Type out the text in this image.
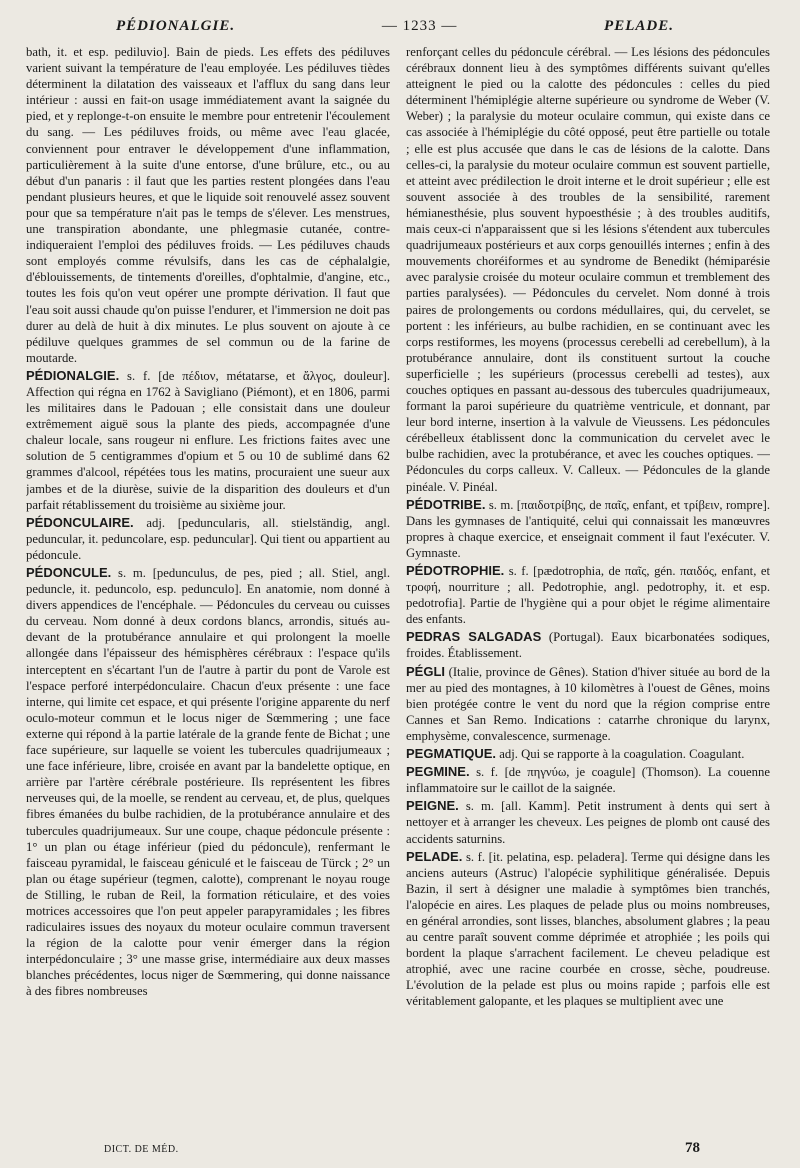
PÉDIONALGIE.	— 1233 —	PELADE.

bath, it. et esp. pediluvio]. Bain de pieds. Les effets des pédiluves varient suivant la température de l'eau employée. Les pédiluves tièdes déterminent la dilatation des vaisseaux et l'afflux du sang dans leur intérieur : aussi en fait-on usage immédiatement avant la saignée du pied, et y replonge-t-on ensuite le membre pour entretenir l'écoulement du sang. — Les pédiluves froids, ou même avec l'eau glacée, conviennent pour entraver le développement d'une inflammation, particulièrement à la suite d'une entorse, d'une brûlure, etc., ou au début d'un panaris : il faut que les parties restent plongées dans l'eau pendant plusieurs heures, et que le liquide soit renouvelé assez souvent pour que sa température n'ait pas le temps de s'élever. Les menstrues, une transpiration abondante, une phlegmasie cutanée, contre-indiqueraient l'emploi des pédiluves froids. — Les pédiluves chauds sont employés comme révulsifs, dans les cas de céphalalgie, d'éblouissements, de tintements d'oreilles, d'ophtalmie, d'angine, etc., toutes les fois qu'on veut opérer une prompte dérivation. Il faut que l'eau soit aussi chaude qu'on puisse l'endurer, et l'immersion ne doit pas durer au delà de huit à dix minutes. Le plus souvent on ajoute à ce pédiluve quelques grammes de sel commun ou de la farine de moutarde.

PÉDIONALGIE. s. f. [de πέδιον, métatarse, et ἄλγος, douleur]. Affection qui régna en 1762 à Savigliano (Piémont), et en 1806, parmi les militaires dans le Padouan ; elle consistait dans une douleur extrêmement aiguë sous la plante des pieds, accompagnée d'une chaleur locale, sans rougeur ni enflure. Les frictions faites avec une solution de 5 centigrammes d'opium et 5 ou 10 de sublimé dans 62 grammes d'alcool, répétées tous les matins, procuraient une sueur aux jambes et de la diurèse, suivie de la disparition des douleurs et d'un parfait rétablissement du troisième au sixième jour.

PÉDONCULAIRE. adj. [peduncularis, all. stielständig, angl. peduncular, it. peduncolare, esp. peduncular]. Qui tient ou appartient au pédoncule.

PÉDONCULE. s. m. [pedunculus, de pes, pied ; all. Stiel, angl. peduncle, it. peduncolo, esp. pedunculo]. En anatomie, nom donné à divers appendices de l'encéphale. — Pédoncules du cerveau ou cuisses du cerveau. Nom donné à deux cordons blancs, arrondis, situés au-devant de la protubérance annulaire et qui prolongent la moelle allongée dans l'épaisseur des hémisphères cérébraux : l'espace qu'ils interceptent en s'écartant l'un de l'autre à partir du pont de Varole est l'espace perforé interpédonculaire. Chacun d'eux présente : une face interne, qui limite cet espace, et qui présente l'origine apparente du nerf oculo-moteur commun et le locus niger de Sœmmering ; une face externe qui répond à la partie latérale de la grande fente de Bichat ; une face supérieure, sur laquelle se voient les tubercules quadrijumeaux ; une face inférieure, libre, croisée en avant par la bandelette optique, en arrière par l'artère cérébrale postérieure. Ils représentent les fibres nerveuses qui, de la moelle, se rendent au cerveau, et, de plus, quelques fibres émanées du bulbe rachidien, de la protubérance annulaire et des tubercules quadrijumeaux. Sur une coupe, chaque pédoncule présente : 1° un plan ou étage inférieur (pied du pédoncule), renfermant le faisceau pyramidal, le faisceau géniculé et le faisceau de Türck ; 2° un plan ou étage supérieur (tegmen, calotte), comprenant le noyau rouge de Stilling, le ruban de Reil, la formation réticulaire, et des voies motrices accessoires que l'on peut appeler parapyramidales ; les fibres radiculaires issues des noyaux du moteur oculaire commun traversent la région de la calotte pour venir émerger dans la région interpédonculaire ; 3° une masse grise, intermédiaire aux deux masses blanches précédentes, locus niger de Sœmmering, qui donne naissance à des fibres nombreuses

renforçant celles du pédoncule cérébral. — Les lésions des pédoncules cérébraux donnent lieu à des symptômes différents suivant qu'elles atteignent le pied ou la calotte des pédoncules : celles du pied déterminent l'hémiplégie alterne supérieure ou syndrome de Weber (V. Weber) ; la paralysie du moteur oculaire commun, qui existe dans ce cas associée à l'hémiplégie du côté opposé, peut être partielle ou totale ; elle est plus accusée que dans le cas de lésions de la calotte. Dans celles-ci, la paralysie du moteur oculaire commun est souvent partielle, et atteint avec prédilection le droit interne et le droit supérieur ; elle est souvent associée à des troubles de la sensibilité, rarement hémianesthésie, plus souvent hypoesthésie ; à des troubles auditifs, mais ceux-ci n'apparaissent que si les lésions s'étendent aux tubercules quadrijumeaux postérieurs et aux corps genouillés internes ; enfin à des mouvements choréiformes et au syndrome de Benedikt (hémiparésie avec paralysie croisée du moteur oculaire commun et tremblement des parties paralysées). — Pédoncules du cervelet. Nom donné à trois paires de prolongements ou cordons médullaires, qui, du cervelet, se portent : les inférieurs, au bulbe rachidien, en se continuant avec les corps restiformes, les moyens (processus cerebelli ad cerebellum), à la protubérance annulaire, dont ils constituent surtout la couche superficielle ; les supérieurs (processus cerebelli ad testes), aux couches optiques en passant au-dessous des tubercules quadrijumeaux, formant la paroi supérieure du quatrième ventricule, et donnant, par leur bord interne, insertion à la valvule de Vieussens. Les pédoncules cérébelleux établissent donc la communication du cervelet avec le bulbe rachidien, avec la protubérance, et avec les couches optiques. — Pédoncules du corps calleux. V. Calleux. — Pédoncules de la glande pinéale. V. Pinéal.

PÉDOTRIBE. s. m. [παιδοτρίβης, de παῖς, enfant, et τρίβειν, rompre]. Dans les gymnases de l'antiquité, celui qui connaissait les manœuvres propres à chaque exercice, et enseignait comment il faut l'exécuter. V. Gymnaste.

PÉDOTROPHIE. s. f. [pædotrophia, de παῖς, gén. παιδός, enfant, et τροφή, nourriture ; all. Pedotrophie, angl. pedotrophy, it. et esp. pedotrofia]. Partie de l'hygiène qui a pour objet le régime alimentaire des enfants.

PEDRAS SALGADAS (Portugal). Eaux bicarbonatées sodiques, froides. Établissement.

PÉGLI (Italie, province de Gênes). Station d'hiver située au bord de la mer au pied des montagnes, à 10 kilomètres à l'ouest de Gênes, moins bien protégée contre le vent du nord que la région comprise entre Cannes et San Remo. Indications : catarrhe chronique du larynx, emphysème, convalescence, surmenage.

PEGMATIQUE. adj. Qui se rapporte à la coagulation. Coagulant.

PEGMINE. s. f. [de πηγνύω, je coagule] (Thomson). La couenne inflammatoire sur le caillot de la saignée.

PEIGNE. s. m. [all. Kamm]. Petit instrument à dents qui sert à nettoyer et à arranger les cheveux. Les peignes de plomb ont causé des accidents saturnins.

PELADE. s. f. [it. pelatina, esp. peladera]. Terme qui désigne dans les anciens auteurs (Astruc) l'alopécie syphilitique généralisée. Depuis Bazin, il sert à désigner une maladie à symptômes bien tranchés, l'alopécie en aires. Les plaques de pelade plus ou moins nombreuses, en général arrondies, sont lisses, blanches, absolument glabres ; la peau au centre paraît souvent comme déprimée et atrophiée ; les poils qui bordent la plaque s'arrachent facilement. Le cheveu peladique est atrophié, avec une racine courbée en crosse, sèche, poudreuse. L'évolution de la pelade est plus ou moins rapide ; parfois elle est véritablement galopante, et les plaques se multiplient avec une

DICT. DE MÉD.	78
